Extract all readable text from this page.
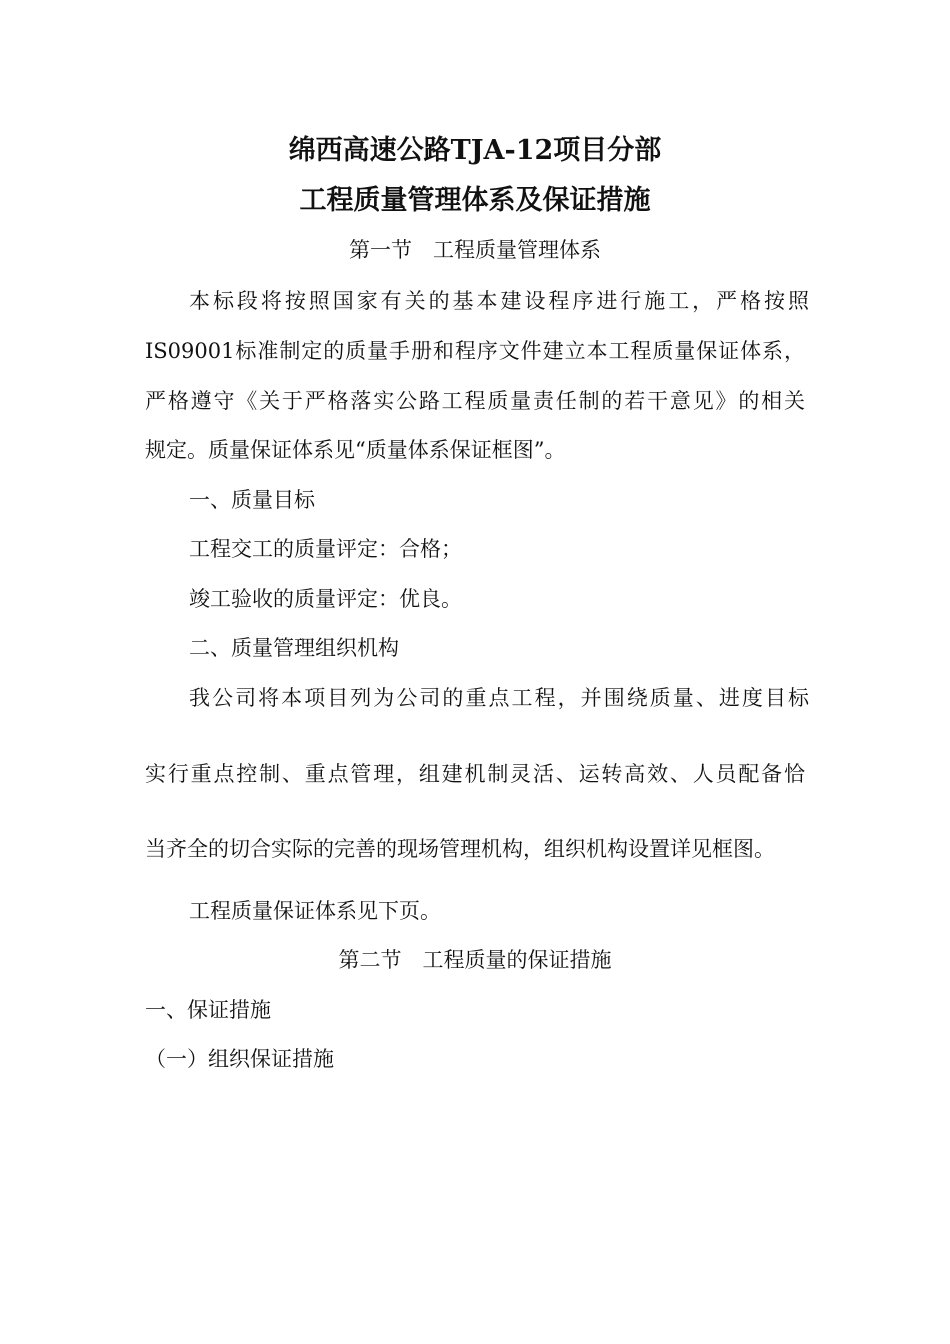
绵西高速公路TJA-12项目分部
工程质量管理体系及保证措施
第一节　工程质量管理体系
本标段将按照国家有关的基本建设程序进行施工，严格按照
IS09001标准制定的质量手册和程序文件建立本工程质量保证体系，
严格遵守《关于严格落实公路工程质量责任制的若干意见》的相关
规定。质量保证体系见“质量体系保证框图”。
一、质量目标
工程交工的质量评定：合格；
竣工验收的质量评定：优良。
二、质量管理组织机构
我公司将本项目列为公司的重点工程，并围绕质量、进度目标
实行重点控制、重点管理，组建机制灵活、运转高效、人员配备恰
当齐全的切合实际的完善的现场管理机构，组织机构设置详见框图。
工程质量保证体系见下页。
第二节　工程质量的保证措施
一、保证措施
（一）组织保证措施
